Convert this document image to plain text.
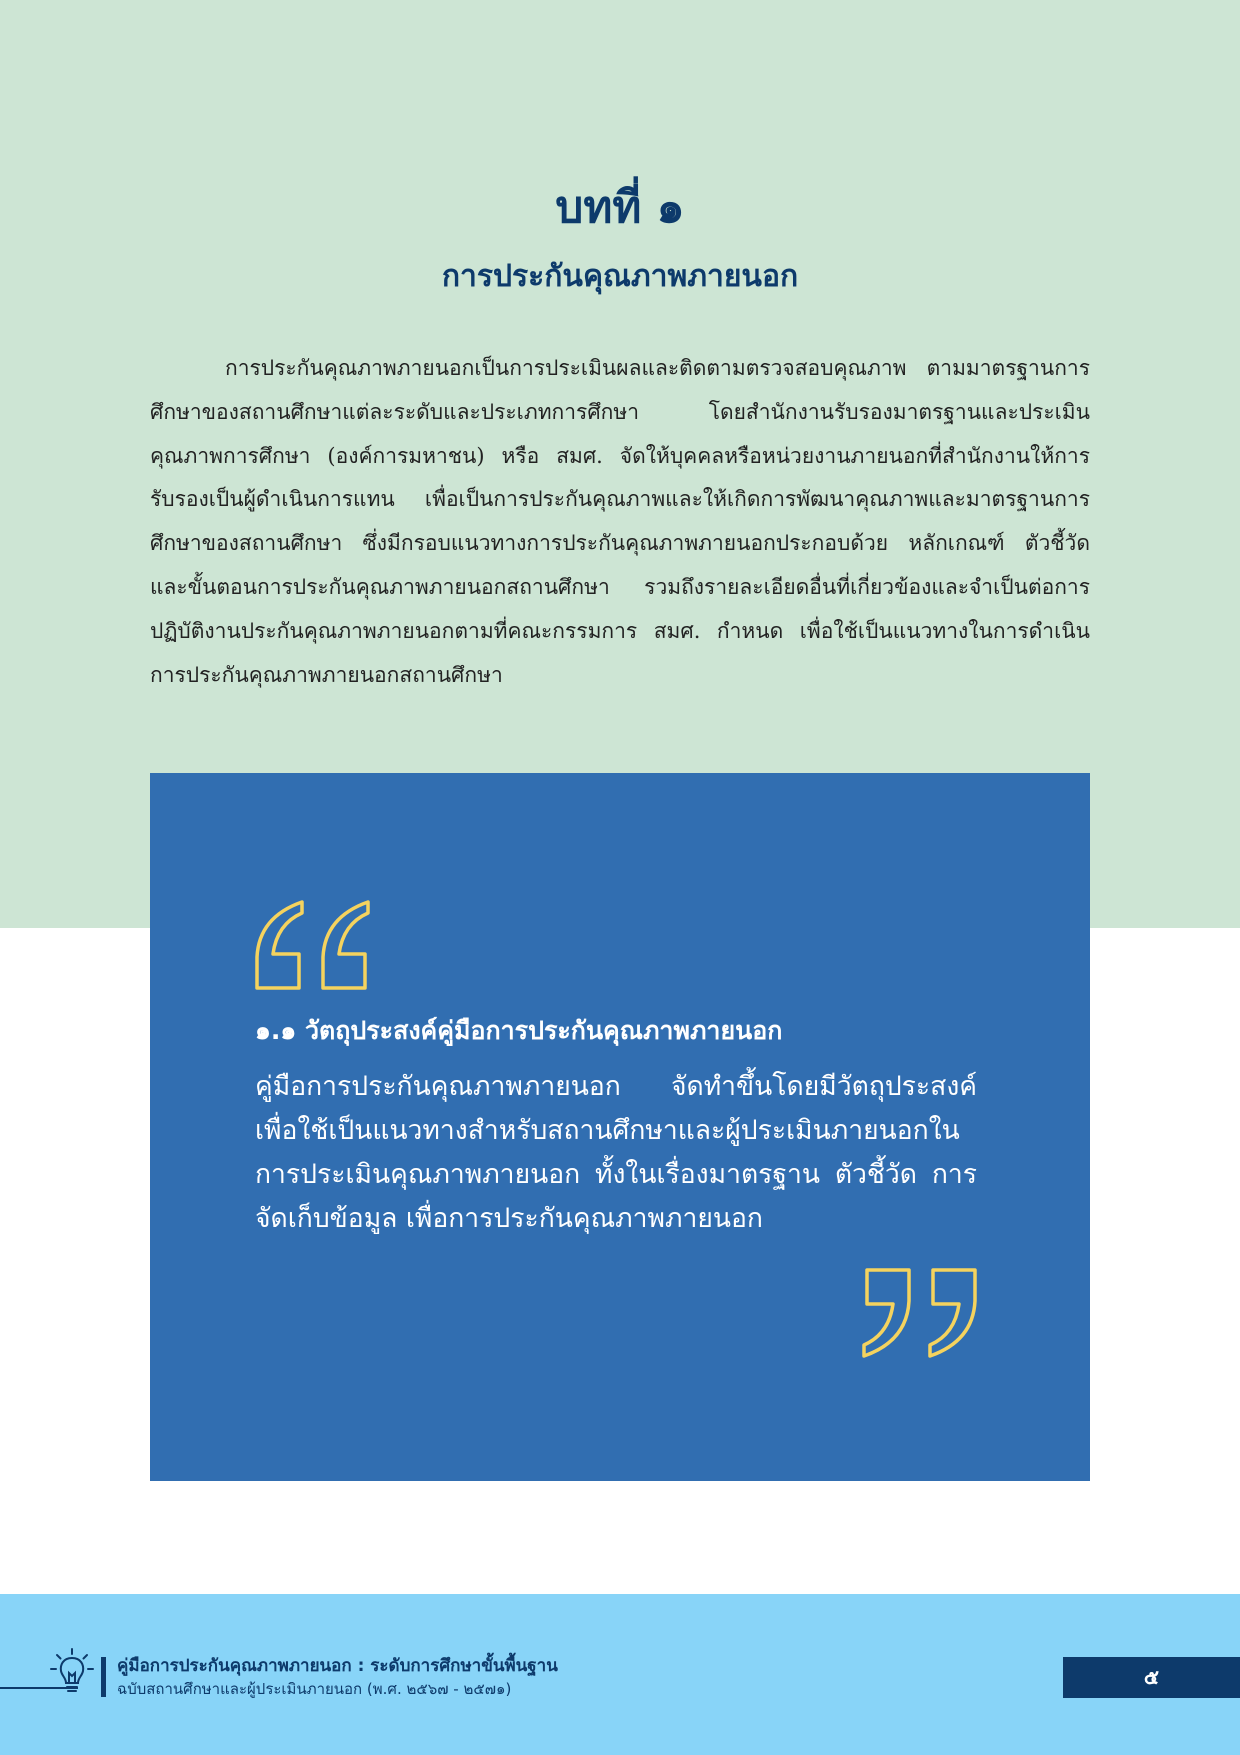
บทที่ ๑
การประกันคุณภาพภายนอก

การประกันคุณภาพภายนอกเป็นการประเมินผลและติดตามตรวจสอบคุณภาพ ตามมาตรฐานการศึกษาของสถานศึกษาแต่ละระดับและประเภทการศึกษา โดยสำนักงานรับรองมาตรฐานและประเมินคุณภาพการศึกษา (องค์การมหาชน) หรือ สมศ. จัดให้บุคคลหรือหน่วยงานภายนอกที่สำนักงานให้การรับรองเป็นผู้ดำเนินการแทน เพื่อเป็นการประกันคุณภาพและให้เกิดการพัฒนาคุณภาพและมาตรฐานการศึกษาของสถานศึกษา ซึ่งมีกรอบแนวทางการประกันคุณภาพภายนอกประกอบด้วย หลักเกณฑ์ ตัวชี้วัด และขั้นตอนการประกันคุณภาพภายนอกสถานศึกษา รวมถึงรายละเอียดอื่นที่เกี่ยวข้องและจำเป็นต่อการปฏิบัติงานประกันคุณภาพภายนอกตามที่คณะกรรมการ สมศ. กำหนด เพื่อใช้เป็นแนวทางในการดำเนินการประกันคุณภาพภายนอกสถานศึกษา

๑.๑ วัตถุประสงค์คู่มือการประกันคุณภาพภายนอก

คู่มือการประกันคุณภาพภายนอก จัดทำขึ้นโดยมีวัตถุประสงค์เพื่อใช้เป็นแนวทางสำหรับสถานศึกษาและผู้ประเมินภายนอกในการประเมินคุณภาพภายนอก ทั้งในเรื่องมาตรฐาน ตัวชี้วัด การจัดเก็บข้อมูล เพื่อการประกันคุณภาพภายนอก

คู่มือการประกันคุณภาพภายนอก : ระดับการศึกษาขั้นพื้นฐาน
ฉบับสถานศึกษาและผู้ประเมินภายนอก (พ.ศ. ๒๕๖๗ - ๒๕๗๑)	๕
